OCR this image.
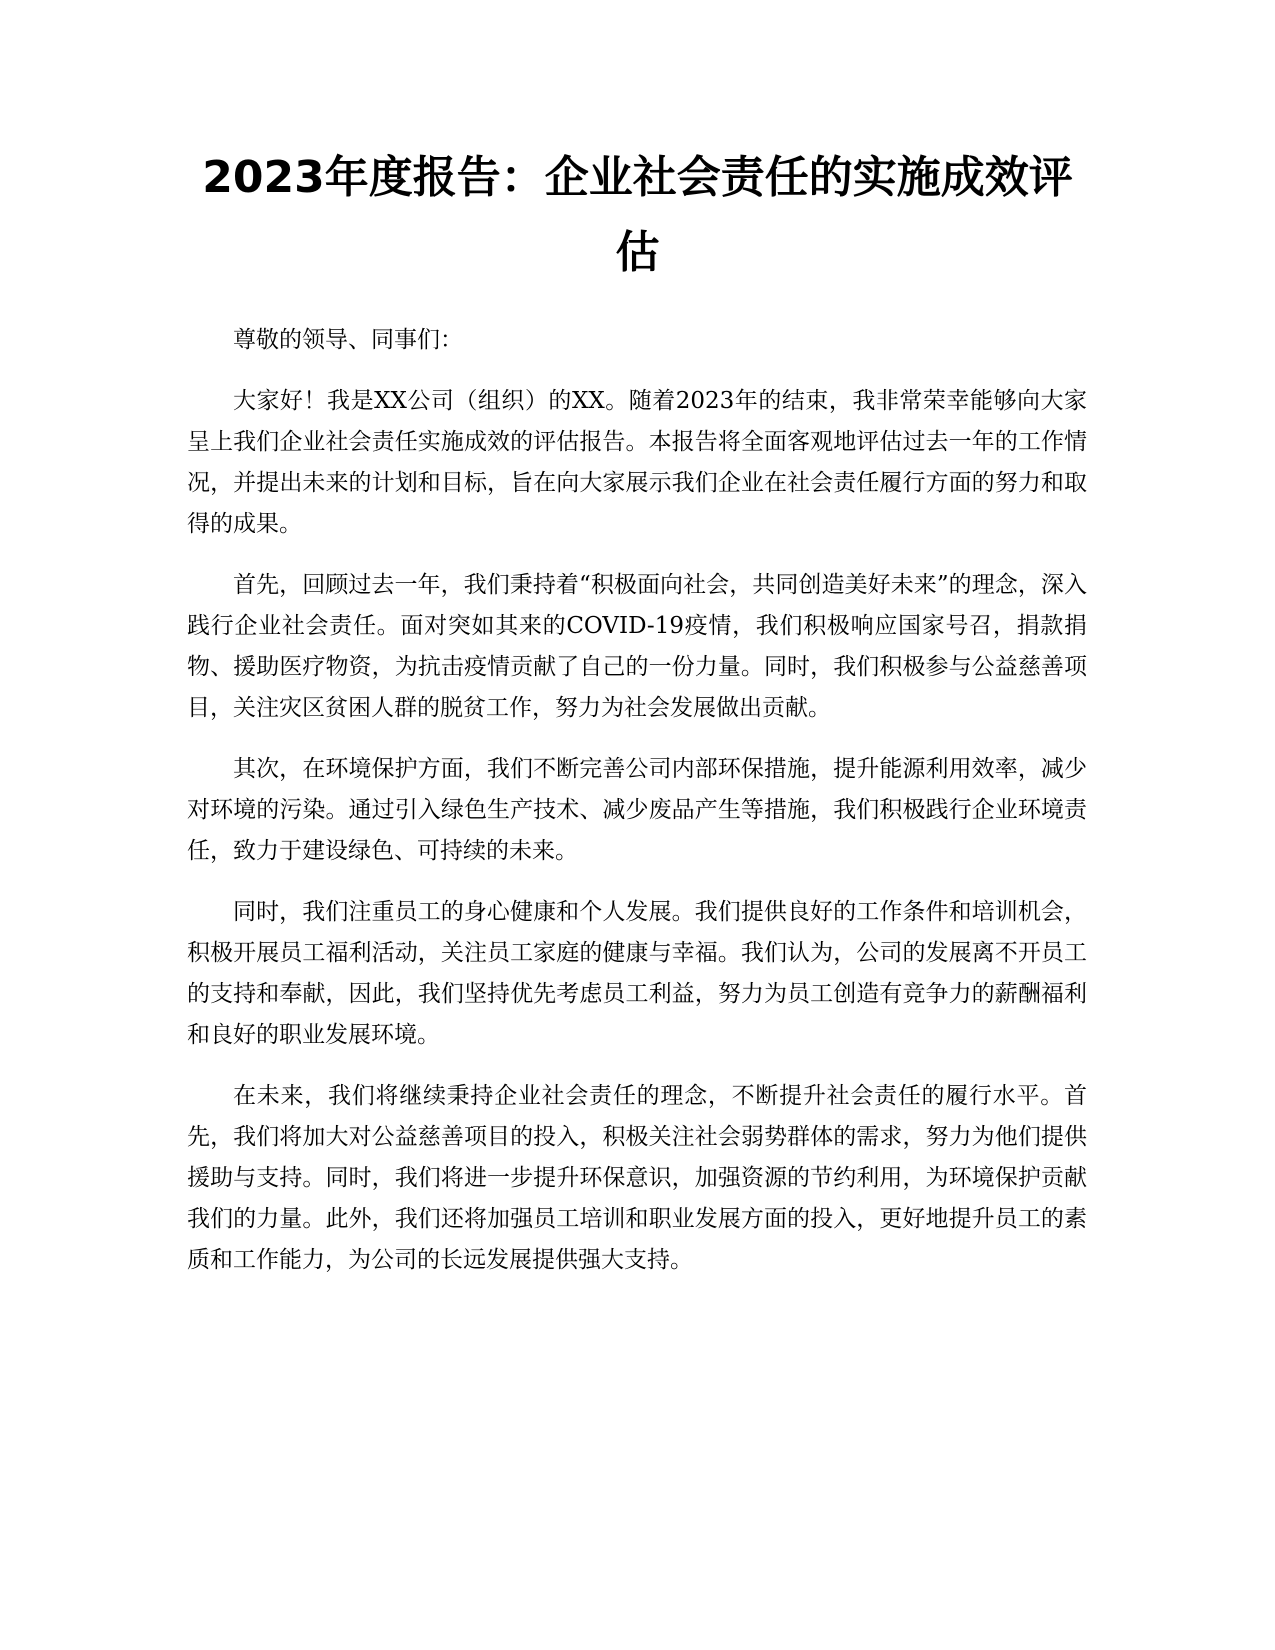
2023年度报告：企业社会责任的实施成效评估

尊敬的领导、同事们：

大家好！我是XX公司（组织）的XX。随着2023年的结束，我非常荣幸能够向大家呈上我们企业社会责任实施成效的评估报告。本报告将全面客观地评估过去一年的工作情况，并提出未来的计划和目标，旨在向大家展示我们企业在社会责任履行方面的努力和取得的成果。

首先，回顾过去一年，我们秉持着“积极面向社会，共同创造美好未来”的理念，深入践行企业社会责任。面对突如其来的COVID-19疫情，我们积极响应国家号召，捐款捐物、援助医疗物资，为抗击疫情贡献了自己的一份力量。同时，我们积极参与公益慈善项目，关注灾区贫困人群的脱贫工作，努力为社会发展做出贡献。

其次，在环境保护方面，我们不断完善公司内部环保措施，提升能源利用效率，减少对环境的污染。通过引入绿色生产技术、减少废品产生等措施，我们积极践行企业环境责任，致力于建设绿色、可持续的未来。

同时，我们注重员工的身心健康和个人发展。我们提供良好的工作条件和培训机会，积极开展员工福利活动，关注员工家庭的健康与幸福。我们认为，公司的发展离不开员工的支持和奉献，因此，我们坚持优先考虑员工利益，努力为员工创造有竞争力的薪酬福利和良好的职业发展环境。

在未来，我们将继续秉持企业社会责任的理念，不断提升社会责任的履行水平。首先，我们将加大对公益慈善项目的投入，积极关注社会弱势群体的需求，努力为他们提供援助与支持。同时，我们将进一步提升环保意识，加强资源的节约利用，为环境保护贡献我们的力量。此外，我们还将加强员工培训和职业发展方面的投入，更好地提升员工的素质和工作能力，为公司的长远发展提供强大支持。
